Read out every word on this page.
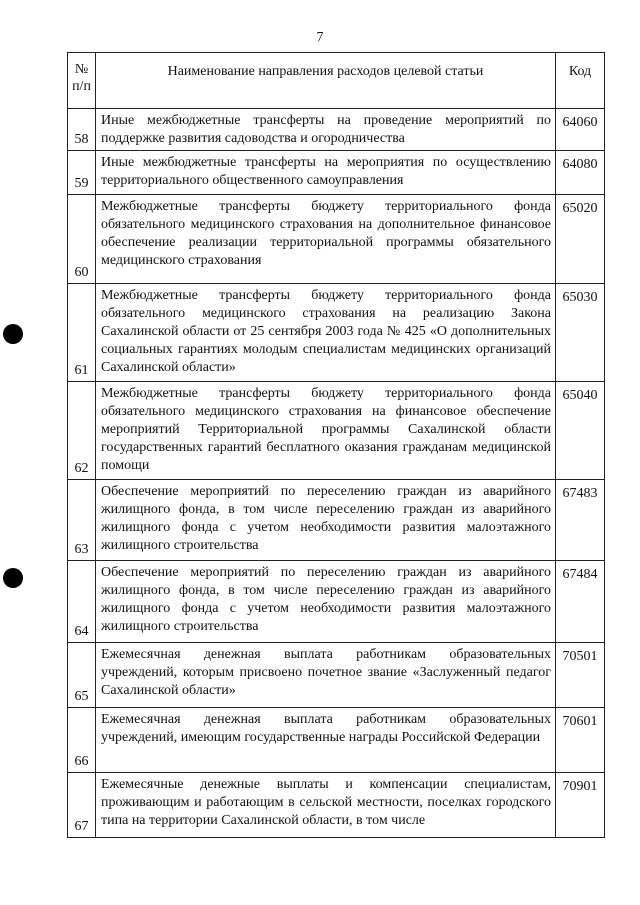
7
№ п/п	Наименование направления расходов целевой статьи	Код
58	Иные межбюджетные трансферты на проведение мероприятий по поддержке развития садоводства и огородничества	64060
59	Иные межбюджетные трансферты на мероприятия по осуществлению территориального общественного самоуправления	64080
60	Межбюджетные трансферты бюджету территориального фонда обязательного медицинского страхования на дополнительное финансовое обеспечение реализации территориальной программы обязательного медицинского страхования	65020
61	Межбюджетные трансферты бюджету территориального фонда обязательного медицинского страхования на реализацию Закона Сахалинской области от 25 сентября 2003 года № 425 «О дополнительных социальных гарантиях молодым специалистам медицинских организаций Сахалинской области»	65030
62	Межбюджетные трансферты бюджету территориального фонда обязательного медицинского страхования на финансовое обеспечение мероприятий Территориальной программы Сахалинской области государственных гарантий бесплатного оказания гражданам медицинской помощи	65040
63	Обеспечение мероприятий по переселению граждан из аварийного жилищного фонда, в том числе переселению граждан из аварийного жилищного фонда с учетом необходимости развития малоэтажного жилищного строительства	67483
64	Обеспечение мероприятий по переселению граждан из аварийного жилищного фонда, в том числе переселению граждан из аварийного жилищного фонда с учетом необходимости развития малоэтажного жилищного строительства	67484
65	Ежемесячная денежная выплата работникам образовательных учреждений, которым присвоено почетное звание «Заслуженный педагог Сахалинской области»	70501
66	Ежемесячная денежная выплата работникам образовательных учреждений, имеющим государственные награды Российской Федерации	70601
67	Ежемесячные денежные выплаты и компенсации специалистам, проживающим и работающим в сельской местности, поселках городского типа на территории Сахалинской области, в том числе	70901
